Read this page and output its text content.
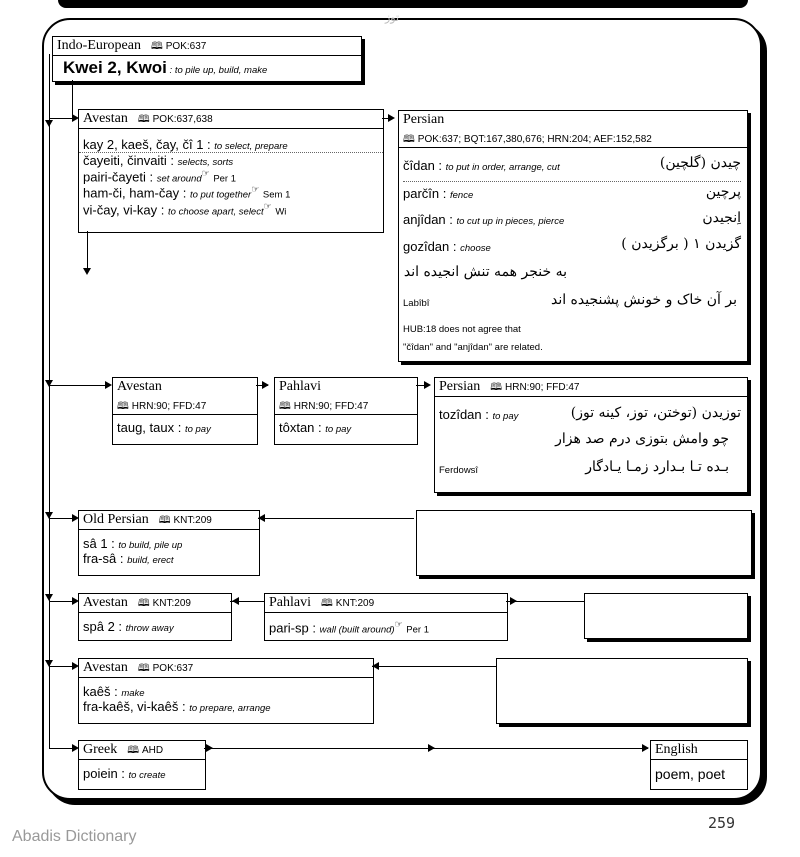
توز
Indo-European 🕮 POK:637
Kwei 2, Kwoi : to pile up, build, make
Avestan 🕮 POK:637,638
kay 2, kaeš, čay, čî 1 : to select, prepare
čayeiti, činvaiti : selects, sorts
pairi-čayeti : set around☞ Per 1
ham-či, ham-čay : to put together☞ Sem 1
vi-čay, vi-kay : to choose apart, select☞ Wi
Persian
🕮 POK:637; BQT:167,380,676; HRN:204; AEF:152,582
čîdan : to put in order, arrange, cut	چیدن (گلچین)
parčîn : fence	پرچین
anjîdan : to cut up in pieces, pierce	اِنجیدن
gozîdan : choose	گزیدن ۱ ( برگزیدن )
به خنجر همه تنش انجیده اند
بر آن خاک و خونش پشنجیده اند
Labîbî
HUB:18 does not agree that
"čîdan" and "anjîdan" are related.
Avestan
🕮 HRN:90; FFD:47
taug, taux : to pay
Pahlavi
🕮 HRN:90; FFD:47
tôxtan : to pay
Persian 🕮 HRN:90; FFD:47
tozîdan : to pay	توزیدن (توختن، توز، کینه توز)
چو وامش بتوزی درم صد هزار
بـده تـا بـدارد زمـا یـادگار
Ferdowsî
Old Persian 🕮 KNT:209
sâ 1 : to build, pile up
fra-sâ : build, erect
Avestan 🕮 KNT:209
spâ 2 : throw away
Pahlavi 🕮 KNT:209
pari-sp : wall (built around)☞ Per 1
Avestan 🕮 POK:637
kaêš : make
fra-kaêš, vi-kaêš : to prepare, arrange
Greek 🕮 AHD
poiein : to create
English
poem, poet
Abadis Dictionary
259
